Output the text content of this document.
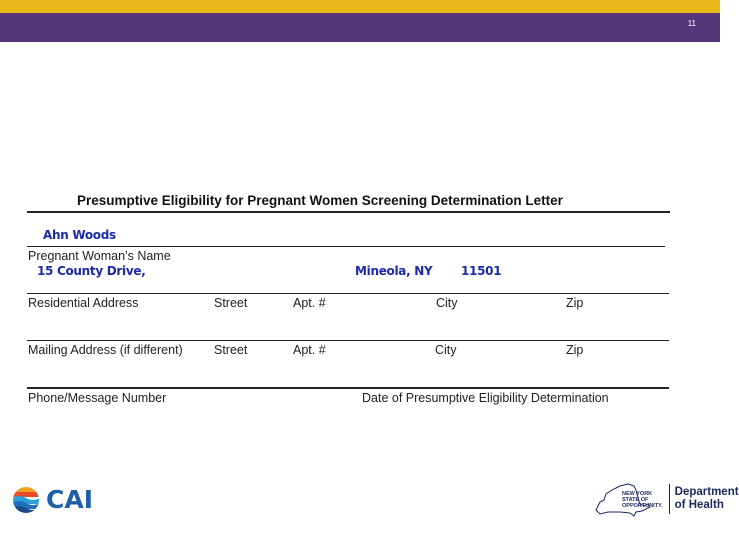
11
Presumptive Eligibility for Pregnant Women Screening Determination Letter
Ahn Woods
Pregnant Woman’s Name
15 County Drive,	Mineola, NY 11501
Residential Address	Street	Apt. #	City	Zip
Mailing Address (if different)	Street	Apt. #	City	Zip
Phone/Message Number	Date of Presumptive Eligibility Determination
CAI	NEW YORK
STATE OF
OPPORTUNITY.
Department
of Health
